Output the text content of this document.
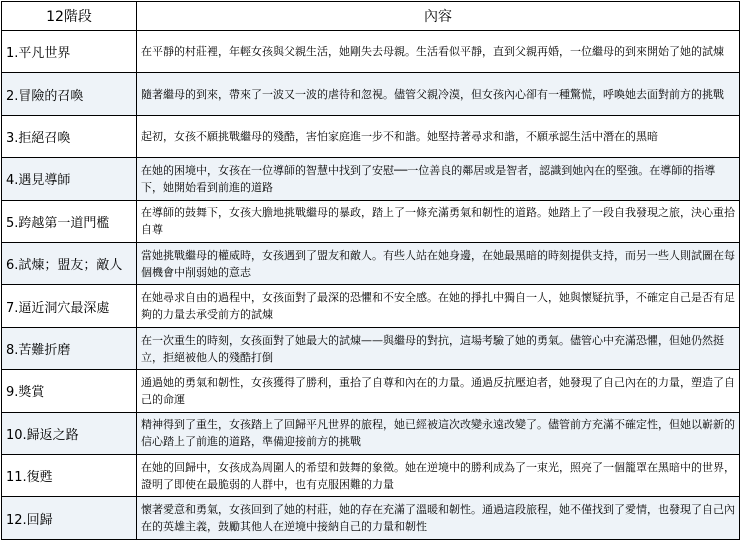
12階段	內容
1.平凡世界	在平靜的村莊裡，年輕女孩與父親生活，她剛失去母親。生活看似平靜，直到父親再婚，一位繼母的到來開始了她的試煉
2.冒險的召喚	隨著繼母的到來，帶來了一波又一波的虐待和忽視。儘管父親冷漠，但女孩內心卻有一種驚慌，呼喚她去面對前方的挑戰
3.拒絕召喚	起初，女孩不願挑戰繼母的殘酷，害怕家庭進一步不和諧。她堅持著尋求和諧，不願承認生活中潛在的黑暗
4.遇見導師	在她的困境中，女孩在一位導師的智慧中找到了安慰──一位善良的鄰居或是智者，認識到她內在的堅強。在導師的指導下，她開始看到前進的道路
5.跨越第一道門檻	在導師的鼓舞下，女孩大膽地挑戰繼母的暴政，踏上了一條充滿勇氣和韌性的道路。她踏上了一段自我發現之旅，決心重拾自尊
6.試煉；盟友；敵人	當她挑戰繼母的權威時，女孩遇到了盟友和敵人。有些人站在她身邊，在她最黑暗的時刻提供支持，而另一些人則試圖在每個機會中削弱她的意志
7.逼近洞穴最深處	在她尋求自由的過程中，女孩面對了最深的恐懼和不安全感。在她的掙扎中獨自一人，她與懷疑抗爭，不確定自己是否有足夠的力量去承受前方的試煉
8.苦難折磨	在一次重生的時刻，女孩面對了她最大的試煉——與繼母的對抗，這場考驗了她的勇氣。儘管心中充滿恐懼，但她仍然挺立，拒絕被他人的殘酷打倒
9.獎賞	通過她的勇氣和韌性，女孩獲得了勝利，重拾了自尊和內在的力量。通過反抗壓迫者，她發現了自己內在的力量，塑造了自己的命運
10.歸返之路	精神得到了重生，女孩踏上了回歸平凡世界的旅程，她已經被這次改變永遠改變了。儘管前方充滿不確定性，但她以嶄新的信心踏上了前進的道路，準備迎接前方的挑戰
11.復甦	在她的回歸中，女孩成為周圍人的希望和鼓舞的象徵。她在逆境中的勝利成為了一束光，照亮了一個籠罩在黑暗中的世界，證明了即使在最脆弱的人群中，也有克服困難的力量
12.回歸	懷著愛意和勇氣，女孩回到了她的村莊，她的存在充滿了溫暖和韌性。通過這段旅程，她不僅找到了愛情，也發現了自己內在的英雄主義，鼓勵其他人在逆境中接納自己的力量和韌性
